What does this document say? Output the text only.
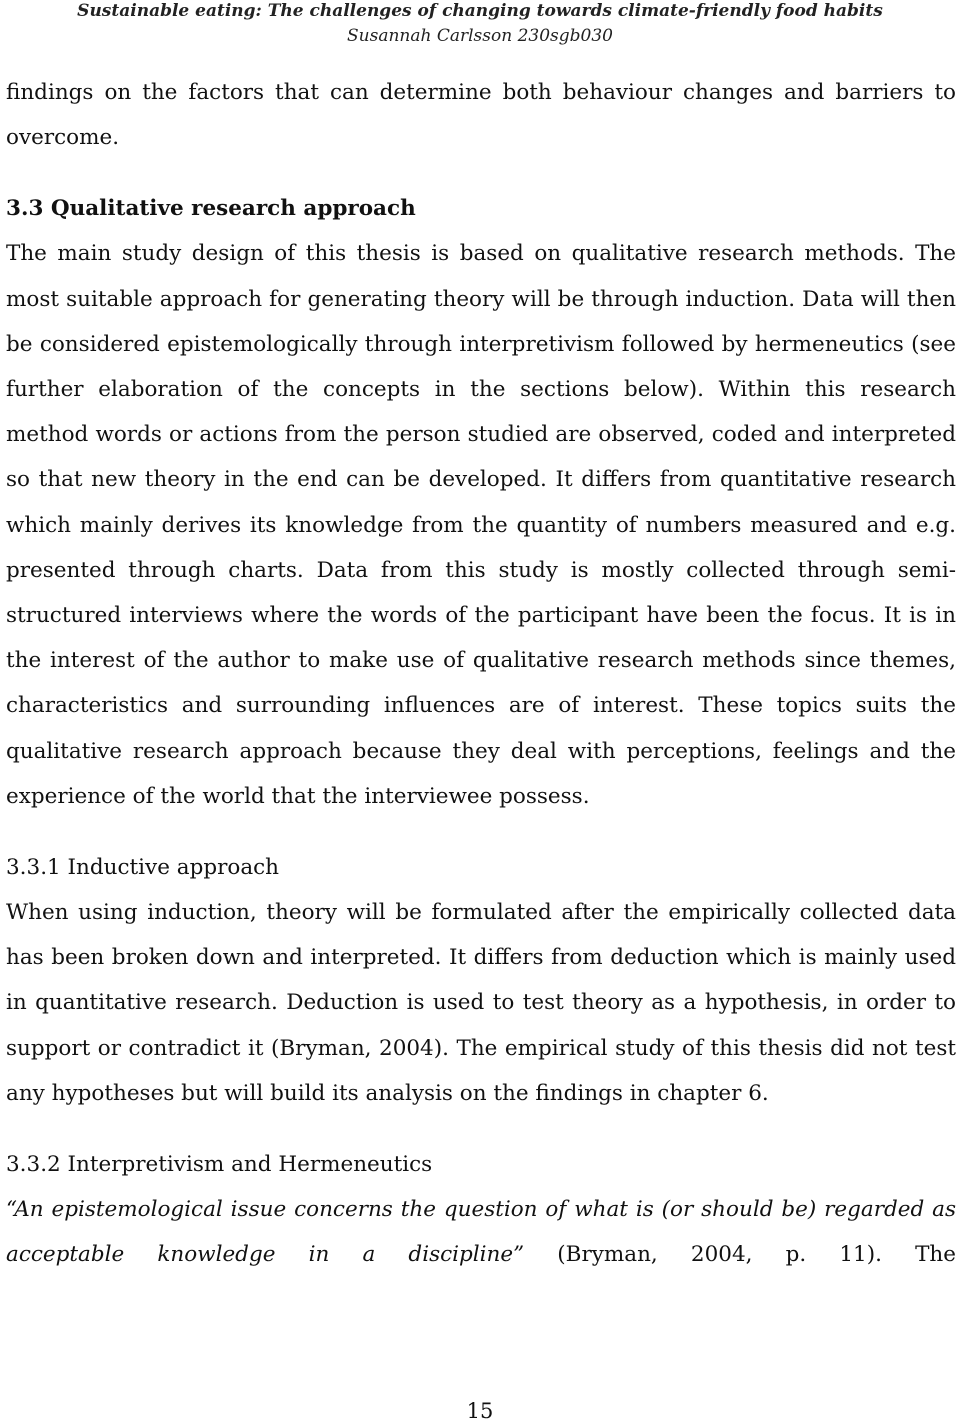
Sustainable eating: The challenges of changing towards climate-friendly food habits
Susannah Carlsson 230sgb030

findings on the factors that can determine both behaviour changes and barriers to overcome.

3.3 Qualitative research approach

The main study design of this thesis is based on qualitative research methods. The most suitable approach for generating theory will be through induction. Data will then be considered epistemologically through interpretivism followed by hermeneutics (see further elaboration of the concepts in the sections below). Within this research method words or actions from the person studied are observed, coded and interpreted so that new theory in the end can be developed. It differs from quantitative research which mainly derives its knowledge from the quantity of numbers measured and e.g. presented through charts. Data from this study is mostly collected through semi-structured interviews where the words of the participant have been the focus. It is in the interest of the author to make use of qualitative research methods since themes, characteristics and surrounding influences are of interest. These topics suits the qualitative research approach because they deal with perceptions, feelings and the experience of the world that the interviewee possess.

3.3.1 Inductive approach

When using induction, theory will be formulated after the empirically collected data has been broken down and interpreted. It differs from deduction which is mainly used in quantitative research. Deduction is used to test theory as a hypothesis, in order to support or contradict it (Bryman, 2004). The empirical study of this thesis did not test any hypotheses but will build its analysis on the findings in chapter 6.

3.3.2 Interpretivism and Hermeneutics

“An epistemological issue concerns the question of what is (or should be) regarded as acceptable knowledge in a discipline” (Bryman, 2004, p. 11). The

15
